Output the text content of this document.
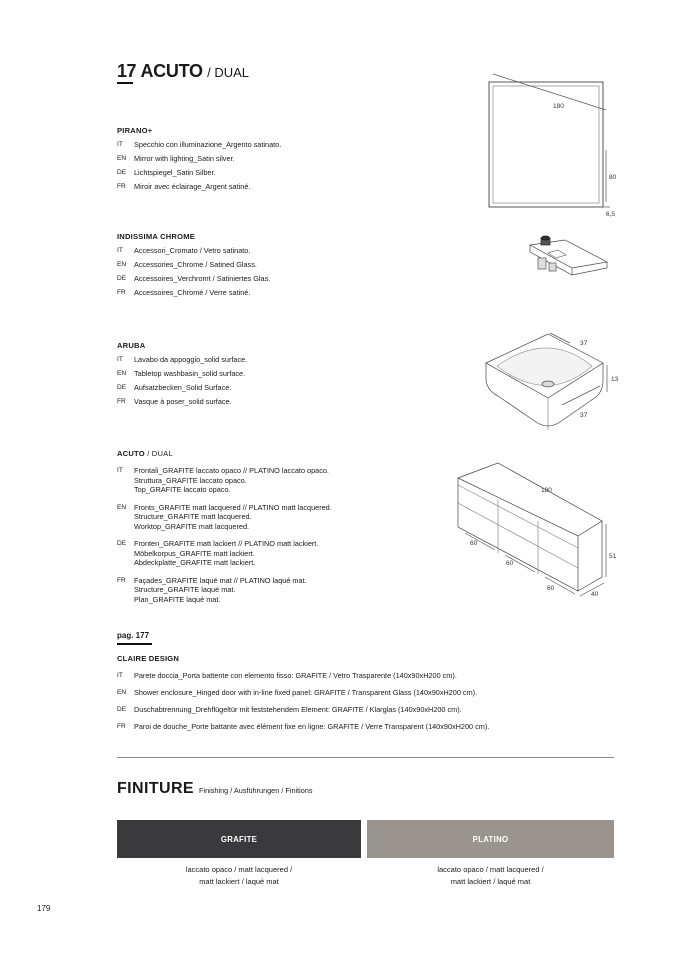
17 ACUTO / DUAL
PIRANO+
IT	Specchio con illuminazione_Argento satinato.
EN	Mirror with lighting_Satin silver.
DE	Lichtspiegel_Satin Silber.
FR	Miroir avec éclairage_Argent satiné.
INDISSIMA CHROME
IT	Accessori_Cromato / Vetro satinato.
EN	Accessories_Chrome / Satined Glass.
DE	Accessoires_Verchromt / Satiniertes Glas.
FR	Accessoires_Chromé / Verre satiné.
ARUBA
IT	Lavabo da appoggio_solid surface.
EN	Tabletop washbasin_solid surface.
DE	Aufsatzbecken_Solid Surface.
FR	Vasque à poser_solid surface.
ACUTO / DUAL
IT	Frontali_GRAFITE laccato opaco // PLATINO laccato opaco.
Struttura_GRAFITE laccato opaco.
Top_GRAFITE laccato opaco.
EN	Fronts_GRAFITE matt lacquered // PLATINO matt lacquered.
Structure_GRAFITE matt lacquered.
Worktop_GRAFITE matt lacquered.
DE	Fronten_GRAFITE matt lackiert // PLATINO matt lackiert.
Möbelkorpus_GRAFITE matt lackiert.
Abdeckplatte_GRAFITE matt lackiert.
FR	Façades_GRAFITE laqué mat // PLATINO laqué mat.
Structure_GRAFITE laqué mat.
Plan_GRAFITE laqué mat.
pag. 177
CLAIRE DESIGN
IT	Parete doccia_Porta battente con elemento fisso: GRAFITE / Vetro Trasparente (140x90xH200 cm).
EN	Shower enclosure_Hinged door with in-line fixed panel: GRAFITE / Transparent Glass (140x90xH200 cm).
DE	Duschabtrennung_Drehflügeltür mit feststehendem Element: GRAFITE / Klarglas (140x90xH200 cm).
FR	Paroi de douche_Porte battante avec élément fixe en ligne: GRAFITE / Verre Transparent (140x90xH200 cm).
FINITURE Finishing / Ausführungen / Finitions
GRAFITE	PLATINO
laccato opaco / matt lacquered /
matt lackiert / laqué mat
laccato opaco / matt lacquered /
matt lackiert / laqué mat
179
180
80
6,5
37
13
37
180
51
40
60
60
60
